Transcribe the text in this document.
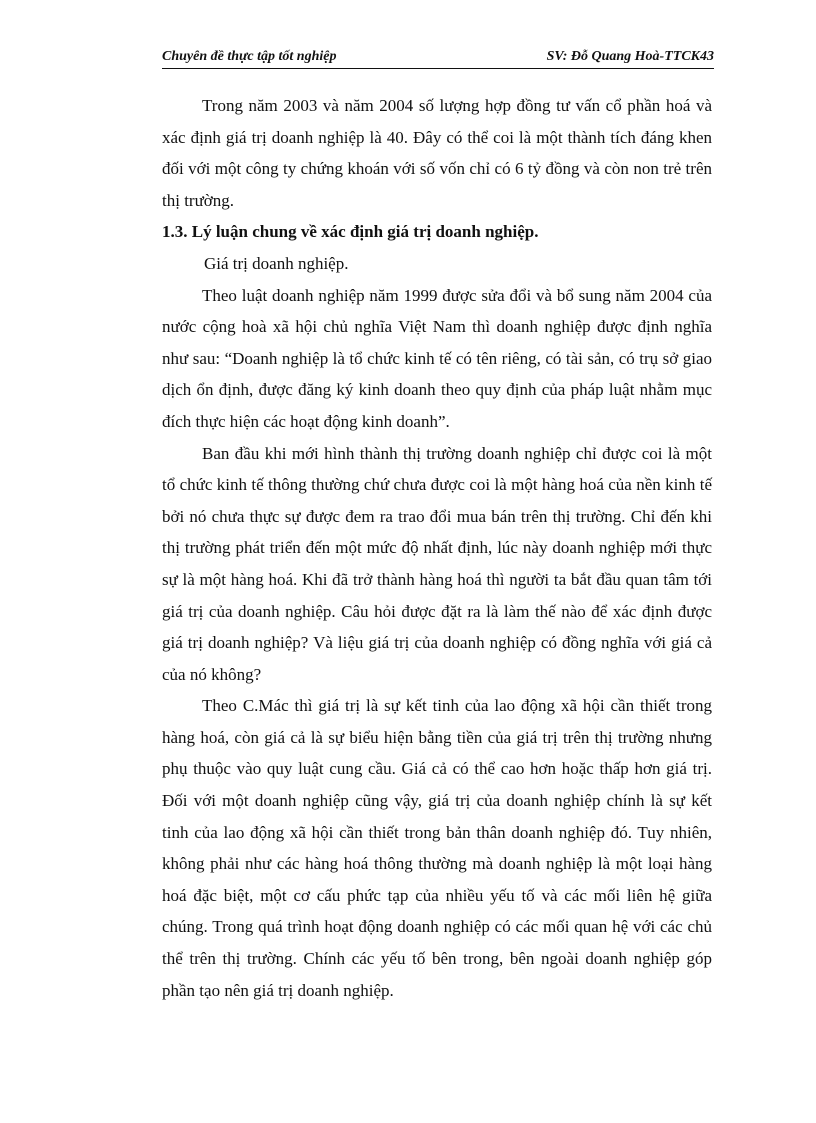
Chuyên đề thực tập tốt nghiệp	SV: Đỗ Quang Hoà-TTCK43

Trong năm 2003 và năm 2004 số lượng hợp đồng tư vấn cổ phần hoá và xác định giá trị doanh nghiệp là 40. Đây có thể coi là một thành tích đáng khen đối với một công ty chứng khoán với số vốn chỉ có 6 tỷ đồng và còn non trẻ trên thị trường.

1.3. Lý luận chung về xác định giá trị doanh nghiệp.

Giá trị doanh nghiệp.

Theo luật doanh nghiệp năm 1999 được sửa đổi và bổ sung năm 2004 của nước cộng hoà xã hội chủ nghĩa Việt Nam thì doanh nghiệp được định nghĩa như sau: “Doanh nghiệp là tổ chức kinh tế có tên riêng, có tài sản, có trụ sở giao dịch ổn định, được đăng ký kinh doanh theo quy định của pháp luật nhằm mục đích thực hiện các hoạt động kinh doanh”.

Ban đầu khi mới hình thành thị trường doanh nghiệp chỉ được coi là một tổ chức kinh tế thông thường chứ chưa được coi là một hàng hoá của nền kinh tế bởi nó chưa thực sự được đem ra trao đổi mua bán trên thị trường. Chỉ đến khi thị trường phát triển đến một mức độ nhất định, lúc này doanh nghiệp mới thực sự là một hàng hoá. Khi đã trở thành hàng hoá thì người ta bắt đầu quan tâm tới giá trị của doanh nghiệp. Câu hỏi được đặt ra là làm thế nào để xác định được giá trị doanh nghiệp? Và liệu giá trị của doanh nghiệp có đồng nghĩa với giá cả của nó không?

Theo C.Mác thì giá trị là sự kết tinh của lao động xã hội cần thiết trong hàng hoá, còn giá cả là sự biểu hiện bằng tiền của giá trị trên thị trường nhưng phụ thuộc vào quy luật cung cầu. Giá cả có thể cao hơn hoặc thấp hơn giá trị. Đối với một doanh nghiệp cũng vậy, giá trị của doanh nghiệp chính là sự kết tinh của lao động xã hội cần thiết trong bản thân doanh nghiệp đó. Tuy nhiên, không phải như các hàng hoá thông thường mà doanh nghiệp là một loại hàng hoá đặc biệt, một cơ cấu phức tạp của nhiều yếu tố và các mối liên hệ giữa chúng. Trong quá trình hoạt động doanh nghiệp có các mối quan hệ với các chủ thể trên thị trường. Chính các yếu tố bên trong, bên ngoài doanh nghiệp góp phần tạo nên giá trị doanh nghiệp.
